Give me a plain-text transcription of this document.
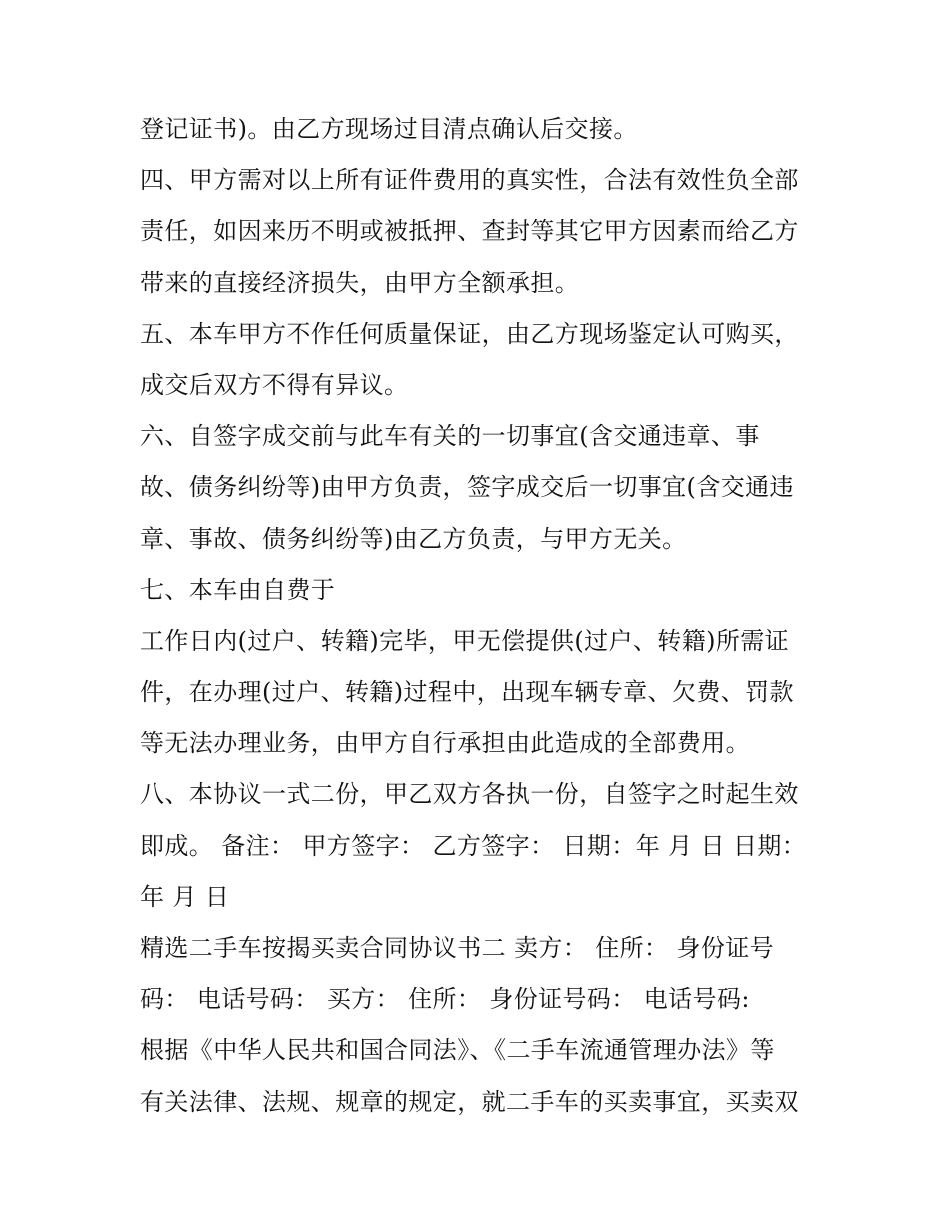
登记证书)。由乙方现场过目清点确认后交接。
四、甲方需对以上所有证件费用的真实性，合法有效性负全部
责任，如因来历不明或被抵押、查封等其它甲方因素而给乙方
带来的直接经济损失，由甲方全额承担。
五、本车甲方不作任何质量保证，由乙方现场鉴定认可购买，
成交后双方不得有异议。
六、自签字成交前与此车有关的一切事宜(含交通违章、事
故、债务纠纷等)由甲方负责，签字成交后一切事宜(含交通违
章、事故、债务纠纷等)由乙方负责，与甲方无关。
七、本车由自费于
工作日内(过户、转籍)完毕，甲无偿提供(过户、转籍)所需证
件，在办理(过户、转籍)过程中，出现车辆专章、欠费、罚款
等无法办理业务，由甲方自行承担由此造成的全部费用。
八、本协议一式二份，甲乙双方各执一份，自签字之时起生效
即成。 备注： 甲方签字： 乙方签字： 日期：年 月 日 日期：
年 月 日
精选二手车按揭买卖合同协议书二 卖方： 住所： 身份证号
码： 电话号码： 买方： 住所： 身份证号码： 电话号码:
根据《中华人民共和国合同法》、《二手车流通管理办法》等
有关法律、法规、规章的规定，就二手车的买卖事宜，买卖双
